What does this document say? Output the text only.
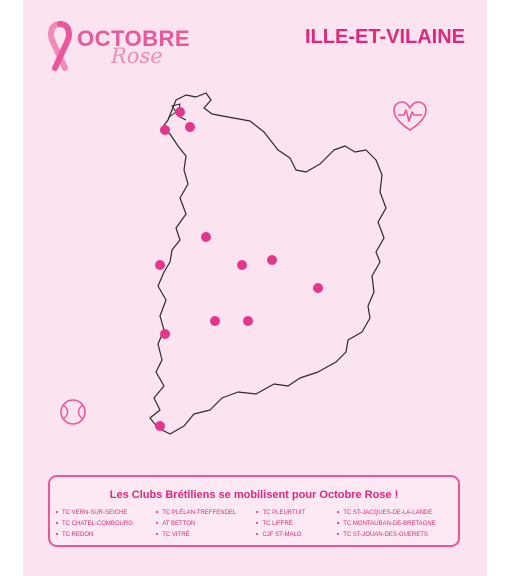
OCTOBRE
Rose
ILLE-ET-VILAINE
Les Clubs Brétiliens se mobilisent pour Octobre Rose !
TC VERN-SUR-SEICHE
TC CHATEL-COMBOURG
TC REDON
TC PLÉLAN-TREFFENDEL
AT BETTON
TC VITRÉ
TC PLEURTUIT
TC LIFFRÉ
CJF ST-MALO
TC ST-JACQUES-DE-LA-LANDE
TC MONTAUBAN-DE-BRETAGNE
TC ST-JOUAN-DES-GUERETS
